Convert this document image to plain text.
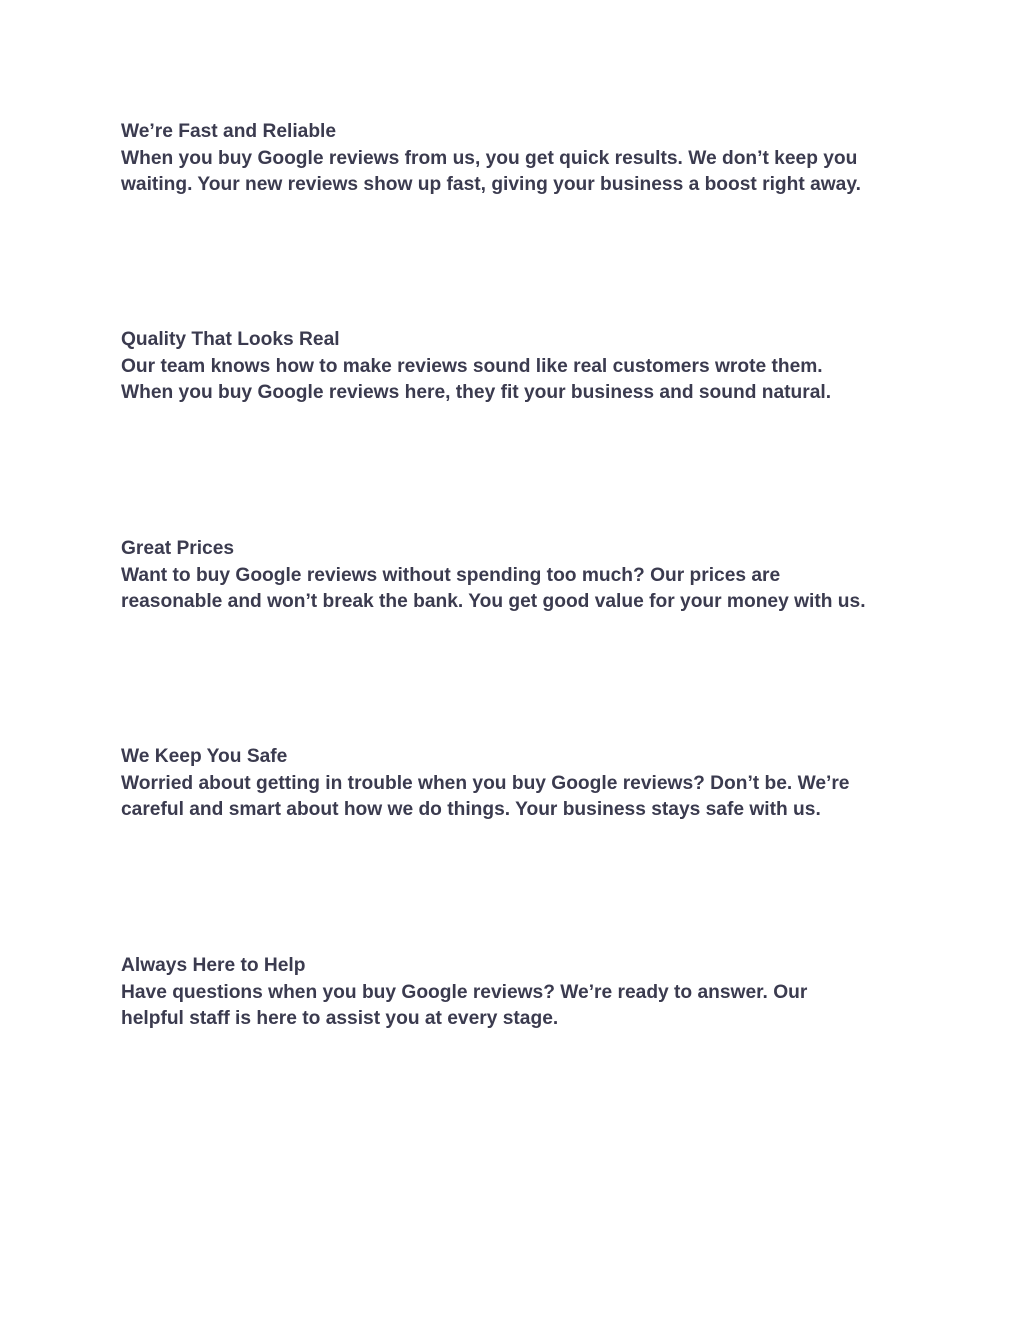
We’re Fast and Reliable
When you buy Google reviews from us, you get quick results. We don’t keep you
waiting. Your new reviews show up fast, giving your business a boost right away.
Quality That Looks Real
Our team knows how to make reviews sound like real customers wrote them.
When you buy Google reviews here, they fit your business and sound natural.
Great Prices
Want to buy Google reviews without spending too much? Our prices are
reasonable and won’t break the bank. You get good value for your money with us.
We Keep You Safe
Worried about getting in trouble when you buy Google reviews? Don’t be. We’re
careful and smart about how we do things. Your business stays safe with us.
Always Here to Help
Have questions when you buy Google reviews? We’re ready to answer. Our
helpful staff is here to assist you at every stage.
